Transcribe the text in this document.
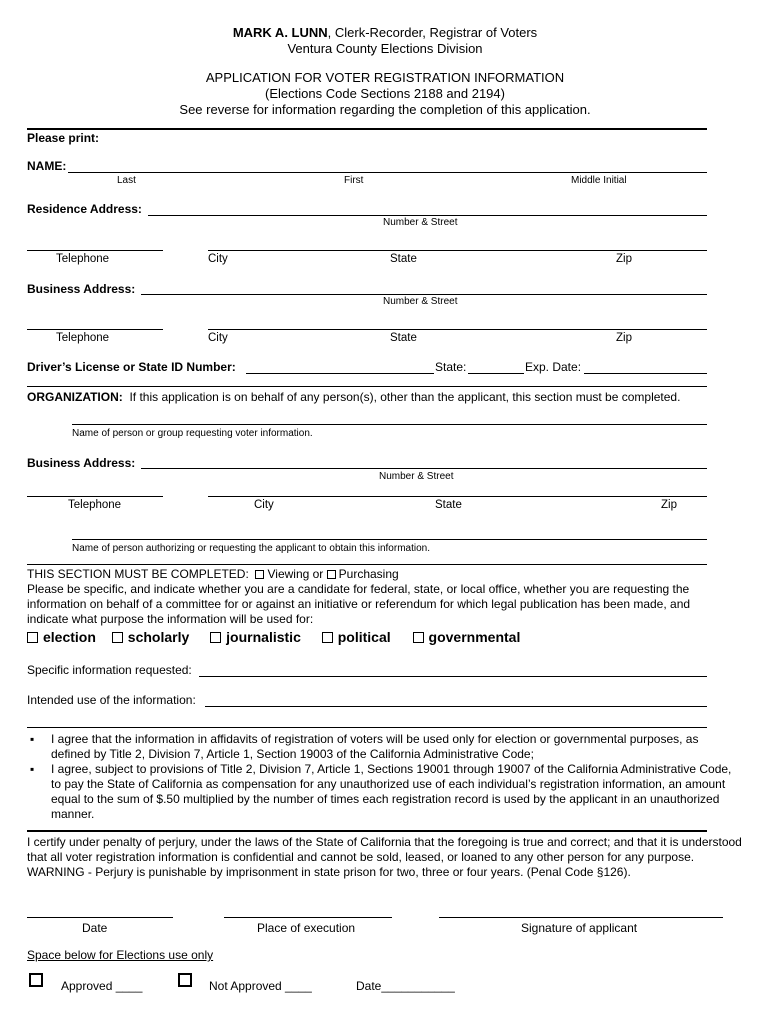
MARK A. LUNN, Clerk-Recorder, Registrar of Voters
Ventura County Elections Division
APPLICATION FOR VOTER REGISTRATION INFORMATION
(Elections Code Sections 2188 and 2194)
See reverse for information regarding the completion of this application.
Please print:
NAME:
Last	First	Middle Initial
Residence Address:
Number & Street
Telephone	City	State	Zip
Business Address:
Number & Street
Telephone	City	State	Zip
Driver’s License or State ID Number:	State:	Exp. Date:
ORGANIZATION: If this application is on behalf of any person(s), other than the applicant, this section must be completed.
Name of person or group requesting voter information.
Business Address:
Number & Street
Telephone	City	State	Zip
Name of person authorizing or requesting the applicant to obtain this information.
THIS SECTION MUST BE COMPLETED: Viewing or Purchasing
Please be specific, and indicate whether you are a candidate for federal, state, or local office, whether you are requesting the information on behalf of a committee for or against an initiative or referendum for which legal publication has been made, and indicate what purpose the information will be used for:
election scholarly	journalistic	political	governmental
Specific information requested:
Intended use of the information:
▪ I agree that the information in affidavits of registration of voters will be used only for election or governmental purposes, as defined by Title 2, Division 7, Article 1, Section 19003 of the California Administrative Code;
▪ I agree, subject to provisions of Title 2, Division 7, Article 1, Sections 19001 through 19007 of the California Administrative Code, to pay the State of California as compensation for any unauthorized use of each individual’s registration information, an amount equal to the sum of $.50 multiplied by the number of times each registration record is used by the applicant in an unauthorized manner.
I certify under penalty of perjury, under the laws of the State of California that the foregoing is true and correct; and that it is understood that all voter registration information is confidential and cannot be sold, leased, or loaned to any other person for any purpose. WARNING - Perjury is punishable by imprisonment in state prison for two, three or four years. (Penal Code §126).
Date	Place of execution	Signature of applicant
Space below for Elections use only
Approved ____	Not Approved ____	Date___________
